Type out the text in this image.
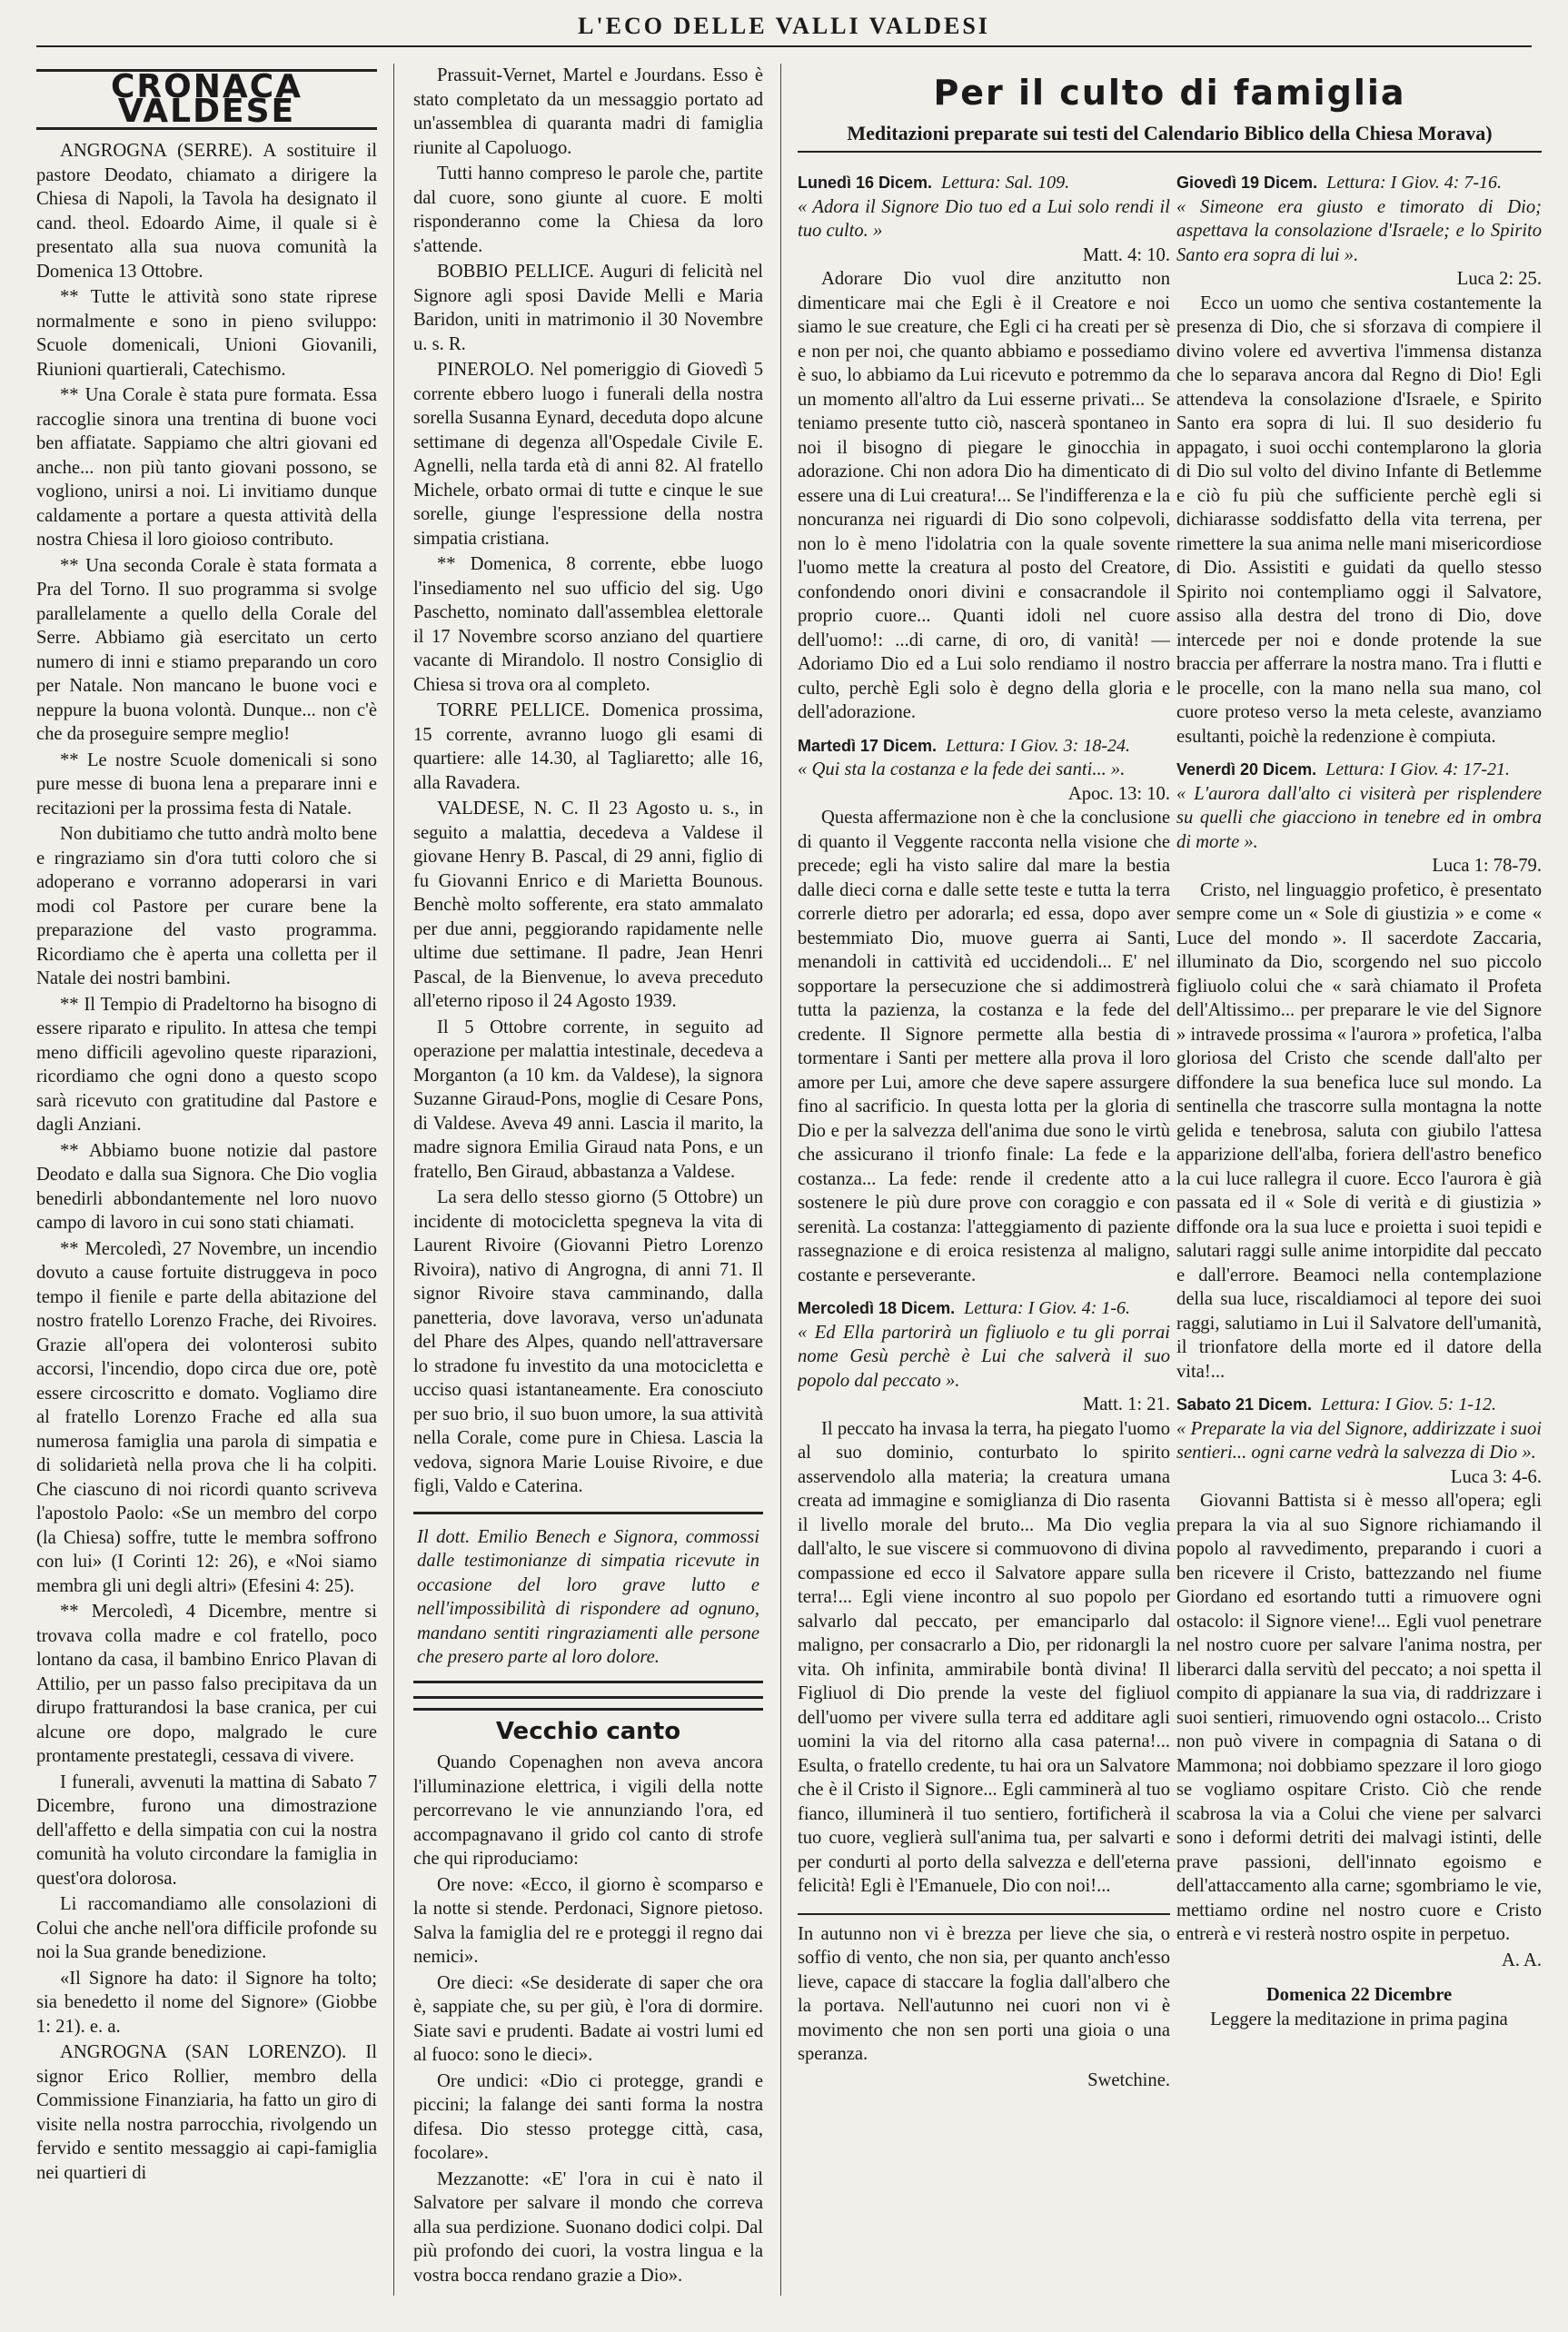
L'ECO DELLE VALLI VALDESI
CRONACA VALDESE

ANGROGNA (SERRE). A sostituire il pastore Deodato, chiamato a dirigere la Chiesa di Napoli, la Tavola ha designato il cand. theol. Edoardo Aime, il quale si è presentato alla sua nuova comunità la Domenica 13 Ottobre.

** Tutte le attività sono state riprese normalmente e sono in pieno sviluppo: Scuole domenicali, Unioni Giovanili, Riunioni quartierali, Catechismo.

** Una Corale è stata pure formata. Essa raccoglie sinora una trentina di buone voci ben affiatate. Sappiamo che altri giovani ed anche... non più tanto giovani possono, se vogliono, unirsi a noi. Li invitiamo dunque caldamente a portare a questa attività della nostra Chiesa il loro gioioso contributo.

** Una seconda Corale è stata formata a Pra del Torno. Il suo programma si svolge parallelamente a quello della Corale del Serre. Abbiamo già esercitato un certo numero di inni e stiamo preparando un coro per Natale. Non mancano le buone voci e neppure la buona volontà. Dunque... non c'è che da proseguire sempre meglio!

** Le nostre Scuole domenicali si sono pure messe di buona lena a preparare inni e recitazioni per la prossima festa di Natale.

Non dubitiamo che tutto andrà molto bene e ringraziamo sin d'ora tutti coloro che si adoperano e vorranno adoperarsi in vari modi col Pastore per curare bene la preparazione del vasto programma. Ricordiamo che è aperta una colletta per il Natale dei nostri bambini.

** Il Tempio di Pradeltorno ha bisogno di essere riparato e ripulito. In attesa che tempi meno difficili agevolino queste riparazioni, ricordiamo che ogni dono a questo scopo sarà ricevuto con gratitudine dal Pastore e dagli Anziani.

** Abbiamo buone notizie dal pastore Deodato e dalla sua Signora. Che Dio voglia benedirli abbondantemente nel loro nuovo campo di lavoro in cui sono stati chiamati.

** Mercoledì, 27 Novembre, un incendio dovuto a cause fortuite distruggeva in poco tempo il fienile e parte della abitazione del nostro fratello Lorenzo Frache, dei Rivoires. Grazie all'opera dei volonterosi subito accorsi, l'incendio, dopo circa due ore, potè essere circoscritto e domato. Vogliamo dire al fratello Lorenzo Frache ed alla sua numerosa famiglia una parola di simpatia e di solidarietà nella prova che li ha colpiti. Che ciascuno di noi ricordi quanto scriveva l'apostolo Paolo: «Se un membro del corpo (la Chiesa) soffre, tutte le membra soffrono con lui» (I Corinti 12: 26), e «Noi siamo membra gli uni degli altri» (Efesini 4: 25).

** Mercoledì, 4 Dicembre, mentre si trovava colla madre e col fratello, poco lontano da casa, il bambino Enrico Plavan di Attilio, per un passo falso precipitava da un dirupo fratturandosi la base cranica, per cui alcune ore dopo, malgrado le cure prontamente prestategli, cessava di vivere.

I funerali, avvenuti la mattina di Sabato 7 Dicembre, furono una dimostrazione dell'affetto e della simpatia con cui la nostra comunità ha voluto circondare la famiglia in quest'ora dolorosa.

Li raccomandiamo alle consolazioni di Colui che anche nell'ora difficile profonde su noi la Sua grande benedizione.

«Il Signore ha dato: il Signore ha tolto; sia benedetto il nome del Signore» (Giobbe 1: 21). e. a.

ANGROGNA (SAN LORENZO). Il signor Erico Rollier, membro della Commissione Finanziaria, ha fatto un giro di visite nella nostra parrocchia, rivolgendo un fervido e sentito messaggio ai capi-famiglia nei quartieri di

Prassuit-Vernet, Martel e Jourdans. Esso è stato completato da un messaggio portato ad un'assemblea di quaranta madri di famiglia riunite al Capoluogo.

Tutti hanno compreso le parole che, partite dal cuore, sono giunte al cuore. E molti risponderanno come la Chiesa da loro s'attende.

BOBBIO PELLICE. Auguri di felicità nel Signore agli sposi Davide Melli e Maria Baridon, uniti in matrimonio il 30 Novembre u. s. R.

PINEROLO. Nel pomeriggio di Giovedì 5 corrente ebbero luogo i funerali della nostra sorella Susanna Eynard, deceduta dopo alcune settimane di degenza all'Ospedale Civile E. Agnelli, nella tarda età di anni 82. Al fratello Michele, orbato ormai di tutte e cinque le sue sorelle, giunge l'espressione della nostra simpatia cristiana.

** Domenica, 8 corrente, ebbe luogo l'insediamento nel suo ufficio del sig. Ugo Paschetto, nominato dall'assemblea elettorale il 17 Novembre scorso anziano del quartiere vacante di Mirandolo. Il nostro Consiglio di Chiesa si trova ora al completo.

TORRE PELLICE. Domenica prossima, 15 corrente, avranno luogo gli esami di quartiere: alle 14.30, al Tagliaretto; alle 16, alla Ravadera.

VALDESE, N. C. Il 23 Agosto u. s., in seguito a malattia, decedeva a Valdese il giovane Henry B. Pascal, di 29 anni, figlio di fu Giovanni Enrico e di Marietta Bounous. Benchè molto sofferente, era stato ammalato per due anni, peggiorando rapidamente nelle ultime due settimane. Il padre, Jean Henri Pascal, de la Bienvenue, lo aveva preceduto all'eterno riposo il 24 Agosto 1939.

Il 5 Ottobre corrente, in seguito ad operazione per malattia intestinale, decedeva a Morganton (a 10 km. da Valdese), la signora Suzanne Giraud-Pons, moglie di Cesare Pons, di Valdese. Aveva 49 anni. Lascia il marito, la madre signora Emilia Giraud nata Pons, e un fratello, Ben Giraud, abbastanza a Valdese.

La sera dello stesso giorno (5 Ottobre) un incidente di motocicletta spegneva la vita di Laurent Rivoire (Giovanni Pietro Lorenzo Rivoira), nativo di Angrogna, di anni 71. Il signor Rivoire stava camminando, dalla panetteria, dove lavorava, verso un'adunata del Phare des Alpes, quando nell'attraversare lo stradone fu investito da una motocicletta e ucciso quasi istantaneamente. Era conosciuto per suo brio, il suo buon umore, la sua attività nella Corale, come pure in Chiesa. Lascia la vedova, signora Marie Louise Rivoire, e due figli, Valdo e Caterina.

Il dott. Emilio Benech e Signora, commossi dalle testimonianze di simpatia ricevute in occasione del loro grave lutto e nell'impossibilità di rispondere ad ognuno, mandano sentiti ringraziamenti alle persone che presero parte al loro dolore.
Vecchio canto

Quando Copenaghen non aveva ancora l'illuminazione elettrica, i vigili della notte percorrevano le vie annunziando l'ora, ed accompagnavano il grido col canto di strofe che qui riproduciamo:

Ore nove: «Ecco, il giorno è scomparso e la notte si stende. Perdonaci, Signore pietoso. Salva la famiglia del re e proteggi il regno dai nemici».

Ore dieci: «Se desiderate di saper che ora è, sappiate che, su per giù, è l'ora di dormire. Siate savi e prudenti. Badate ai vostri lumi ed al fuoco: sono le dieci».

Ore undici: «Dio ci protegge, grandi e piccini; la falange dei santi forma la nostra difesa. Dio stesso protegge città, casa, focolare».

Mezzanotte: «E' l'ora in cui è nato il Salvatore per salvare il mondo che correva alla sua perdizione. Suonano dodici colpi. Dal più profondo dei cuori, la vostra lingua e la vostra bocca rendano grazie a Dio».

Per il culto di famiglia
Meditazioni preparate sui testi del Calendario Biblico della Chiesa Morava)
Lunedì 16 Dicem. Lettura: Sal. 109.
« Adora il Signore Dio tuo ed a Lui solo rendi il tuo culto. »
Matt. 4: 10.

Adorare Dio vuol dire anzitutto non dimenticare mai che Egli è il Creatore e noi siamo le sue creature, che Egli ci ha creati per sè e non per noi, che quanto abbiamo e possediamo è suo, lo abbiamo da Lui ricevuto e potremmo da un momento all'altro da Lui esserne privati... Se teniamo presente tutto ciò, nascerà spontaneo in noi il bisogno di piegare le ginocchia in adorazione. Chi non adora Dio ha dimenticato di essere una di Lui creatura!... Se l'indifferenza e la noncuranza nei riguardi di Dio sono colpevoli, non lo è meno l'idolatria con la quale sovente l'uomo mette la creatura al posto del Creatore, confondendo onori divini e consacrandole il proprio cuore... Quanti idoli nel cuore dell'uomo!: ...di carne, di oro, di vanità! — Adoriamo Dio ed a Lui solo rendiamo il nostro culto, perchè Egli solo è degno della gloria e dell'adorazione.

Martedì 17 Dicem. Lettura: I Giov. 3: 18-24.
« Qui sta la costanza e la fede dei santi... ».
Apoc. 13: 10.

Questa affermazione non è che la conclusione di quanto il Veggente racconta nella visione che precede; egli ha visto salire dal mare la bestia dalle dieci corna e dalle sette teste e tutta la terra correrle dietro per adorarla; ed essa, dopo aver bestemmiato Dio, muove guerra ai Santi, menandoli in cattività ed uccidendoli... E' nel sopportare la persecuzione che si addimostrerà tutta la pazienza, la costanza e la fede del credente. Il Signore permette alla bestia di tormentare i Santi per mettere alla prova il loro amore per Lui, amore che deve sapere assurgere fino al sacrificio. In questa lotta per la gloria di Dio e per la salvezza dell'anima due sono le virtù che assicurano il trionfo finale: La fede e la costanza... La fede: rende il credente atto a sostenere le più dure prove con coraggio e con serenità. La costanza: l'atteggiamento di paziente rassegnazione e di eroica resistenza al maligno, costante e perseverante.

Mercoledì 18 Dicem. Lettura: I Giov. 4: 1-6.
« Ed Ella partorirà un figliuolo e tu gli porrai nome Gesù perchè è Lui che salverà il suo popolo dal peccato ».
Matt. 1: 21.

Il peccato ha invasa la terra, ha piegato l'uomo al suo dominio, conturbato lo spirito asservendolo alla materia; la creatura umana creata ad immagine e somiglianza di Dio rasenta il livello morale del bruto... Ma Dio veglia dall'alto, le sue viscere si commuovono di divina compassione ed ecco il Salvatore appare sulla terra!... Egli viene incontro al suo popolo per salvarlo dal peccato, per emanciparlo dal maligno, per consacrarlo a Dio, per ridonargli la vita. Oh infinita, ammirabile bontà divina! Il Figliuol di Dio prende la veste del figliuol dell'uomo per vivere sulla terra ed additare agli uomini la via del ritorno alla casa paterna!... Esulta, o fratello credente, tu hai ora un Salvatore che è il Cristo il Signore... Egli camminerà al tuo fianco, illuminerà il tuo sentiero, fortificherà il tuo cuore, veglierà sull'anima tua, per salvarti e per condurti al porto della salvezza e dell'eterna felicità! Egli è l'Emanuele, Dio con noi!...

In autunno non vi è brezza per lieve che sia, o soffio di vento, che non sia, per quanto anch'esso lieve, capace di staccare la foglia dall'albero che la portava. Nell'autunno nei cuori non vi è movimento che non sen porti una gioia o una speranza.

Swetchine.

Giovedì 19 Dicem. Lettura: I Giov. 4: 7-16.
« Simeone era giusto e timorato di Dio; aspettava la consolazione d'Israele; e lo Spirito Santo era sopra di lui ».
Luca 2: 25.

Ecco un uomo che sentiva costantemente la presenza di Dio, che si sforzava di compiere il divino volere ed avvertiva l'immensa distanza che lo separava ancora dal Regno di Dio! Egli attendeva la consolazione d'Israele, e Spirito Santo era sopra di lui. Il suo desiderio fu appagato, i suoi occhi contemplarono la gloria di Dio sul volto del divino Infante di Betlemme e ciò fu più che sufficiente perchè egli si dichiarasse soddisfatto della vita terrena, per rimettere la sua anima nelle mani misericordiose di Dio. Assistiti e guidati da quello stesso Spirito noi contempliamo oggi il Salvatore, assiso alla destra del trono di Dio, dove intercede per noi e donde protende la sue braccia per afferrare la nostra mano. Tra i flutti e le procelle, con la mano nella sua mano, col cuore proteso verso la meta celeste, avanziamo esultanti, poichè la redenzione è compiuta.

Venerdì 20 Dicem. Lettura: I Giov. 4: 17-21.
« L'aurora dall'alto ci visiterà per risplendere su quelli che giacciono in tenebre ed in ombra di morte ».
Luca 1: 78-79.

Cristo, nel linguaggio profetico, è presentato sempre come un « Sole di giustizia » e come « Luce del mondo ». Il sacerdote Zaccaria, illuminato da Dio, scorgendo nel suo piccolo figliuolo colui che « sarà chiamato il Profeta dell'Altissimo... per preparare le vie del Signore » intravede prossima « l'aurora » profetica, l'alba gloriosa del Cristo che scende dall'alto per diffondere la sua benefica luce sul mondo. La sentinella che trascorre sulla montagna la notte gelida e tenebrosa, saluta con giubilo l'attesa apparizione dell'alba, foriera dell'astro benefico la cui luce rallegra il cuore. Ecco l'aurora è già passata ed il « Sole di verità e di giustizia » diffonde ora la sua luce e proietta i suoi tepidi e salutari raggi sulle anime intorpidite dal peccato e dall'errore. Beamoci nella contemplazione della sua luce, riscaldiamoci al tepore dei suoi raggi, salutiamo in Lui il Salvatore dell'umanità, il trionfatore della morte ed il datore della vita!...

Sabato 21 Dicem. Lettura: I Giov. 5: 1-12.
« Preparate la via del Signore, addirizzate i suoi sentieri... ogni carne vedrà la salvezza di Dio ».
Luca 3: 4-6.

Giovanni Battista si è messo all'opera; egli prepara la via al suo Signore richiamando il popolo al ravvedimento, preparando i cuori a ben ricevere il Cristo, battezzando nel fiume Giordano ed esortando tutti a rimuovere ogni ostacolo: il Signore viene!... Egli vuol penetrare nel nostro cuore per salvare l'anima nostra, per liberarci dalla servitù del peccato; a noi spetta il compito di appianare la sua via, di raddrizzare i suoi sentieri, rimuovendo ogni ostacolo... Cristo non può vivere in compagnia di Satana o di Mammona; noi dobbiamo spezzare il loro giogo se vogliamo ospitare Cristo. Ciò che rende scabrosa la via a Colui che viene per salvarci sono i deformi detriti dei malvagi istinti, delle prave passioni, dell'innato egoismo e dell'attaccamento alla carne; sgombriamo le vie, mettiamo ordine nel nostro cuore e Cristo entrerà e vi resterà nostro ospite in perpetuo.

A. A.

Domenica 22 Dicembre

Leggere la meditazione in prima pagina
